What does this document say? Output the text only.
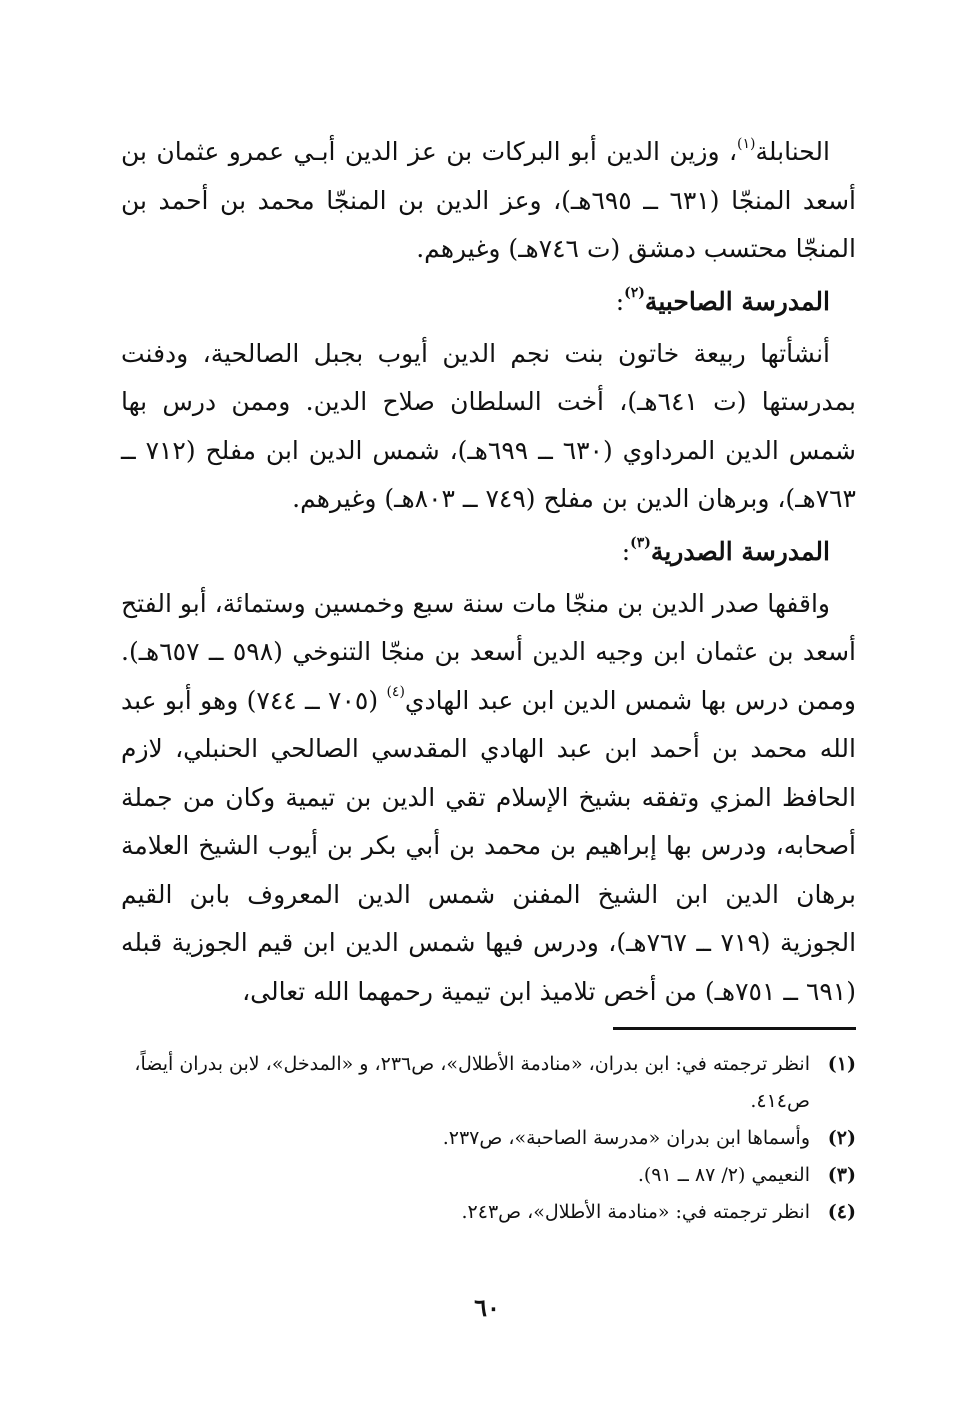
الحنابلة$^{(١)}$، وزين الدين أبو البركات بن عز الدين أبـي عمرو عثمان بن أسعد المنجّا (٦٣١ ــ ٦٩٥هـ)، وعز الدين بن المنجّا محمد بن أحمد بن المنجّا محتسب دمشق (ت ٧٤٦هـ) وغيرهم.

المدرسة الصاحبية$^{(٢)}$:

أنشأتها ربيعة خاتون بنت نجم الدين أيوب بجبل الصالحية، ودفنت بمدرستها (ت ٦٤١هـ)، أخت السلطان صلاح الدين. وممن درس بها شمس الدين المرداوي (٦٣٠ ــ ٦٩٩هـ)، شمس الدين ابن مفلح (٧١٢ ــ ٧٦٣هـ)، وبرهان الدين بن مفلح (٧٤٩ ــ ٨٠٣هـ) وغيرهم.

المدرسة الصدرية$^{(٣)}$:

واقفها صدر الدين بن منجّا مات سنة سبع وخمسين وستمائة، أبو الفتح أسعد بن عثمان ابن وجيه الدين أسعد بن منجّا التنوخي (٥٩٨ ــ ٦٥٧هـ). وممن درس بها شمس الدين ابن عبد الهادي$^{(٤)}$ (٧٠٥ ــ ٧٤٤) وهو أبو عبد الله محمد بن أحمد ابن عبد الهادي المقدسي الصالحي الحنبلي، لازم الحافظ المزي وتفقه بشيخ الإسلام تقي الدين بن تيمية وكان من جملة أصحابه، ودرس بها إبراهيم بن محمد بن أبي بكر بن أيوب الشيخ العلامة برهان الدين ابن الشيخ المفنن شمس الدين المعروف بابن القيم الجوزية (٧١٩ ــ ٧٦٧هـ)، ودرس فيها شمس الدين ابن قيم الجوزية قبله (٦٩١ ــ ٧٥١هـ) من أخص تلاميذ ابن تيمية رحمهما الله تعالى،

(١)
انظر ترجمته في: ابن بدران، «منادمة الأطلال»، ص٢٣٦، و «المدخل»، لابن بدران أيضاً، ص٤١٤.
(٢)
وأسماها ابن بدران «مدرسة الصاحبة»، ص٢٣٧.
(٣)
النعيمي (٢/ ٨٧ ــ ٩١).
(٤)
انظر ترجمته في: «منادمة الأطلال»، ص٢٤٣.
٦٠
